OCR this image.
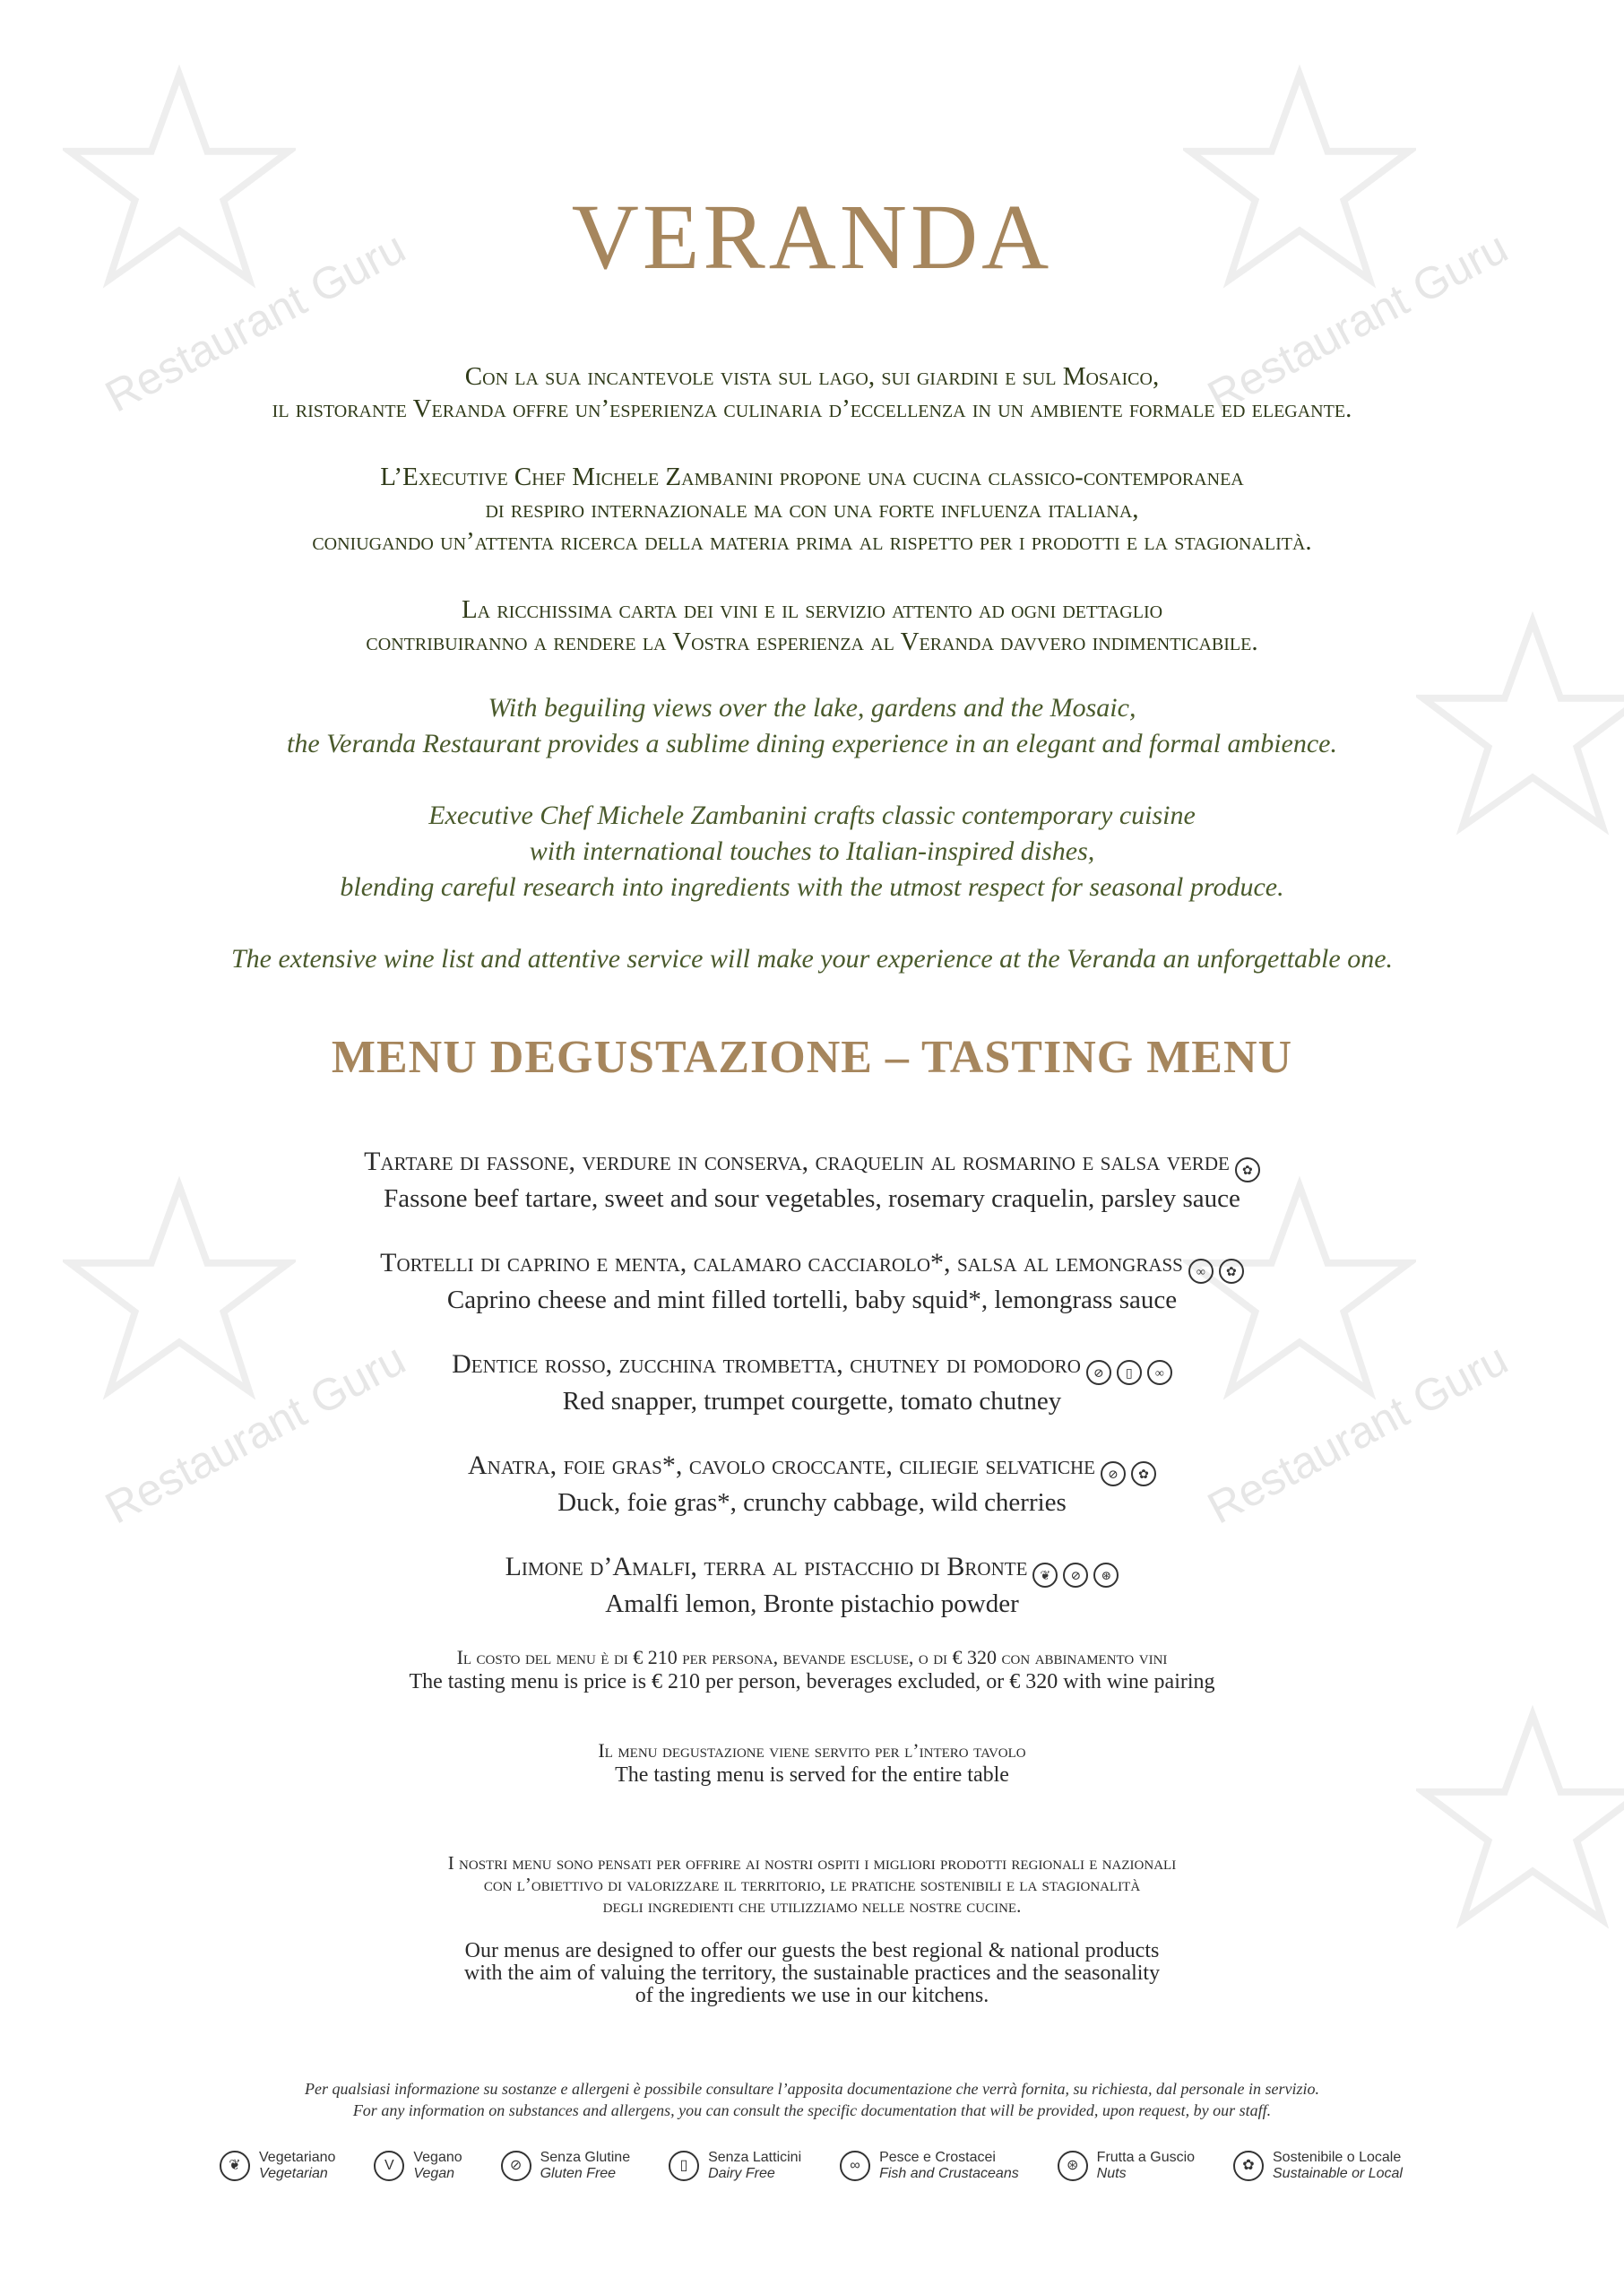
Restaurant Guru	Restaurant Guru
Restaurant Guru	Restaurant Guru
VERANDA

Con la sua incantevole vista sul lago, sui giardini e sul Mosaico,
il ristorante Veranda offre un’esperienza culinaria d’eccellenza in un ambiente formale ed elegante.

L’Executive Chef Michele Zambanini propone una cucina classico-contemporanea
di respiro internazionale ma con una forte influenza italiana,
coniugando un’attenta ricerca della materia prima al rispetto per i prodotti e la stagionalità.

La ricchissima carta dei vini e il servizio attento ad ogni dettaglio
contribuiranno a rendere la Vostra esperienza al Veranda davvero indimenticabile.

With beguiling views over the lake, gardens and the Mosaic,

the Veranda Restaurant provides a sublime dining experience in an elegant and formal ambience.

Executive Chef Michele Zambanini crafts classic contemporary cuisine

with international touches to Italian-inspired dishes,

blending careful research into ingredients with the utmost respect for seasonal produce.

The extensive wine list and attentive service will make your experience at the Veranda an unforgettable one.

MENU DEGUSTAZIONE – TASTING MENU
Tartare di fassone, verdure in conserva, craquelin al rosmarino e salsa verde ✿
Fassone beef tartare, sweet and sour vegetables, rosemary craquelin, parsley sauce
Tortelli di caprino e menta, calamaro cacciarolo*, salsa al lemongrass ∞ ✿
Caprino cheese and mint filled tortelli, baby squid*, lemongrass sauce
Dentice rosso, zucchina trombetta, chutney di pomodoro ⊘ ▯ ∞
Red snapper, trumpet courgette, tomato chutney
Anatra, foie gras*, cavolo croccante, ciliegie selvatiche ⊘ ✿
Duck, foie gras*, crunchy cabbage, wild cherries
Limone d’Amalfi, terra al pistacchio di Bronte ❦ ⊘ ⊛
Amalfi lemon, Bronte pistachio powder
Il costo del menu è di € 210 per persona, bevande escluse, o di € 320 con abbinamento vini
The tasting menu is price is € 210 per person, beverages excluded, or € 320 with wine pairing
Il menu degustazione viene servito per l’intero tavolo
The tasting menu is served for the entire table
I nostri menu sono pensati per offrire ai nostri ospiti i migliori prodotti regionali e nazionali
con l’obiettivo di valorizzare il territorio, le pratiche sostenibili e la stagionalità
degli ingredienti che utilizziamo nelle nostre cucine.
Our menus are designed to offer our guests the best regional & national products
with the aim of valuing the territory, the sustainable practices and the seasonality
of the ingredients we use in our kitchens.
Per qualsiasi informazione su sostanze e allergeni è possibile consultare l’apposita documentazione che verrà fornita, su richiesta, dal personale in servizio.
For any information on substances and allergens, you can consult the specific documentation that will be provided, upon request, by our staff.
❦
Vegetariano
Vegetarian
V
Vegano
Vegan
⊘
Senza Glutine
Gluten Free
▯
Senza Latticini
Dairy Free
∞
Pesce e Crostacei
Fish and Crustaceans
⊛
Frutta a Guscio
Nuts
✿
Sostenibile o Locale
Sustainable or Local
